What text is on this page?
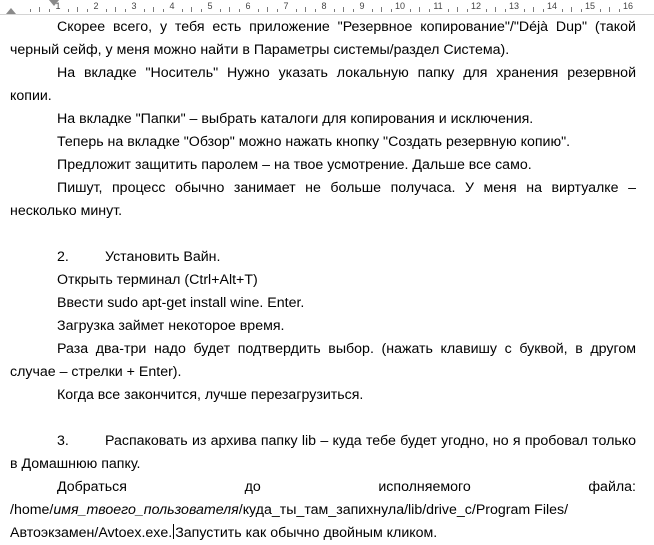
1	2	3	4	5	6	7	8	9	10	11	12	13	14	15	16

Скорее всего, у тебя есть приложение "Резервное копирование"/"Déjà Dup" (такой черный сейф, у меня можно найти в Параметры системы/раздел Система).

На вкладке "Носитель" Нужно указать локальную папку для хранения резервной копии.

На вкладке "Папки" – выбрать каталоги для копирования и исключения.

Теперь на вкладке "Обзор" можно нажать кнопку "Создать резервную копию".

Предложит защитить паролем – на твое усмотрение. Дальше все само.

Пишут, процесс обычно занимает не больше получаса. У меня на виртуалке – несколько минут.

2.	Установить Вайн.

Открыть терминал (Ctrl+Alt+T)

Ввести sudo apt-get install wine. Enter.

Загрузка займет некоторое время.

Раза два-три надо будет подтвердить выбор. (нажать клавишу с буквой, в другом случае – стрелки + Enter).

Когда все закончится, лучше перезагрузиться.

3.	Распаковать из архива папку lib – куда тебе будет угодно, но я пробовал только в Домашнюю папку.

Добраться до исполняемого файла:

/home/имя_твоего_пользователя/куда_ты_там_запихнула/lib/drive_c/Program Files/Автоэкзамен/Avtoex.exe. Запустить как обычно двойным кликом.
